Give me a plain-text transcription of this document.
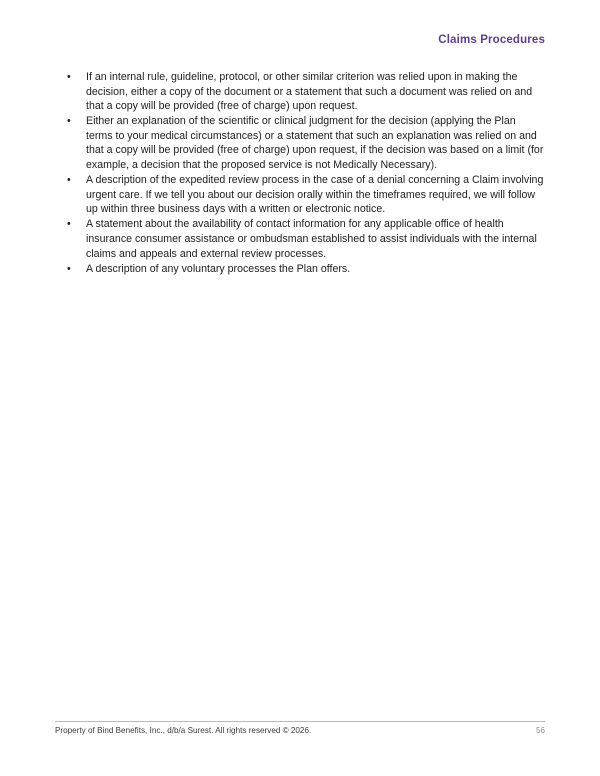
Claims Procedures
•	If an internal rule, guideline, protocol, or other similar criterion was relied upon in making the decision, either a copy of the document or a statement that such a document was relied on and that a copy will be provided (free of charge) upon request.
•	Either an explanation of the scientific or clinical judgment for the decision (applying the Plan terms to your medical circumstances) or a statement that such an explanation was relied on and that a copy will be provided (free of charge) upon request, if the decision was based on a limit (for example, a decision that the proposed service is not Medically Necessary).
•	A description of the expedited review process in the case of a denial concerning a Claim involving urgent care. If we tell you about our decision orally within the timeframes required, we will follow up within three business days with a written or electronic notice.
•	A statement about the availability of contact information for any applicable office of health insurance consumer assistance or ombudsman established to assist individuals with the internal claims and appeals and external review processes.
•	A description of any voluntary processes the Plan offers.
Property of Bind Benefits, Inc., d/b/a Surest. All rights reserved © 2026.	56
